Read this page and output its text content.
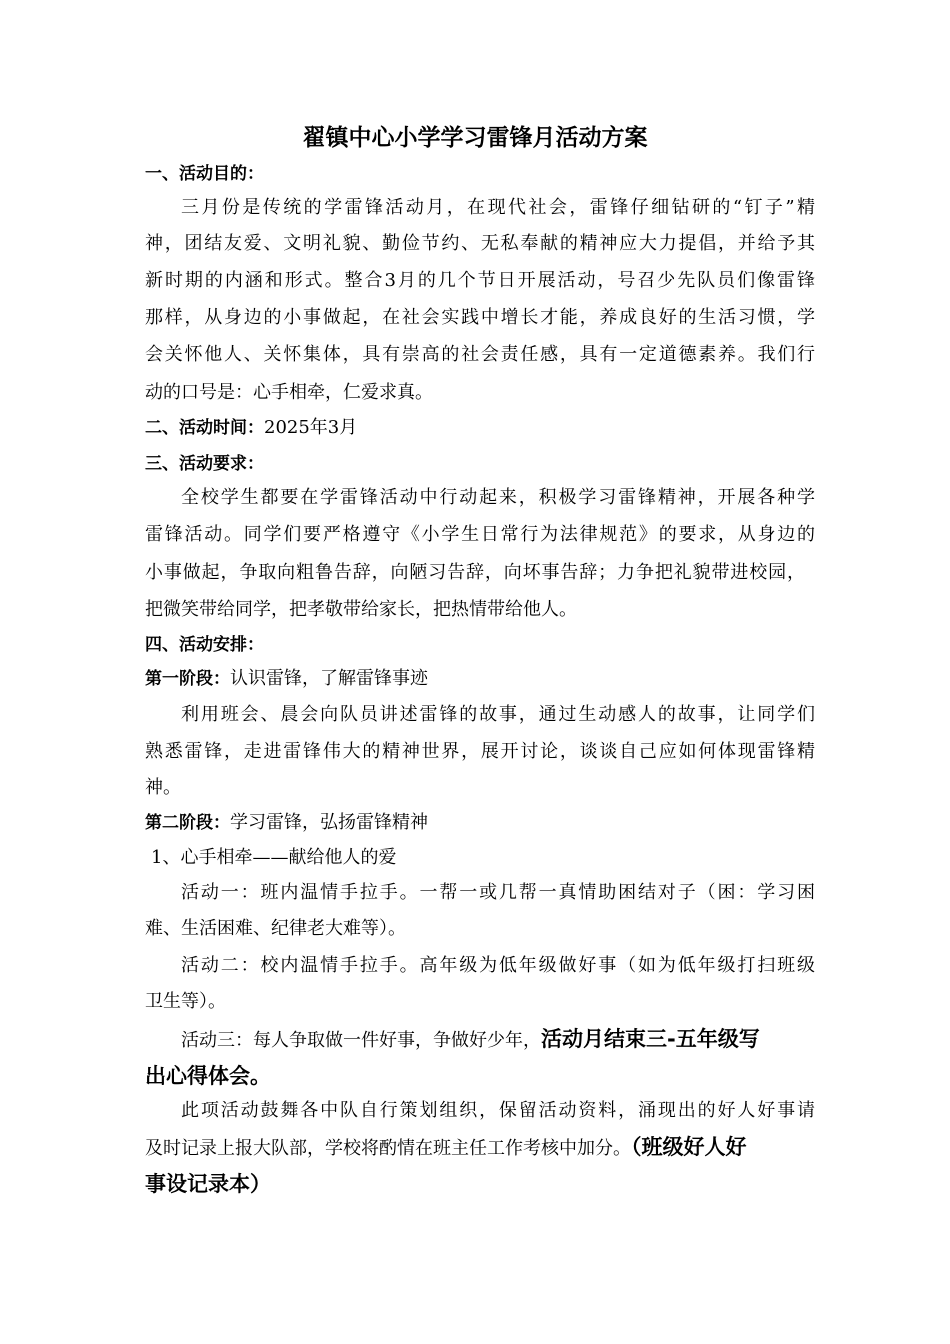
翟镇中心小学学习雷锋月活动方案
一、活动目的：
三月份是传统的学雷锋活动月，在现代社会，雷锋仔细钻研的“钉子”精
神，团结友爱、文明礼貌、勤俭节约、无私奉献的精神应大力提倡，并给予其
新时期的内涵和形式。整合3月的几个节日开展活动，号召少先队员们像雷锋
那样，从身边的小事做起，在社会实践中增长才能，养成良好的生活习惯，学
会关怀他人、关怀集体，具有崇高的社会责任感，具有一定道德素养。我们行
动的口号是：心手相牵，仁爱求真。
二、活动时间：2025年3月
三、活动要求：
全校学生都要在学雷锋活动中行动起来，积极学习雷锋精神，开展各种学
雷锋活动。同学们要严格遵守《小学生日常行为法律规范》的要求，从身边的
小事做起，争取向粗鲁告辞，向陋习告辞，向坏事告辞；力争把礼貌带进校园，
把微笑带给同学，把孝敬带给家长，把热情带给他人。
四、活动安排：
第一阶段：认识雷锋，了解雷锋事迹
利用班会、晨会向队员讲述雷锋的故事，通过生动感人的故事，让同学们
熟悉雷锋，走进雷锋伟大的精神世界，展开讨论，谈谈自己应如何体现雷锋精
神。
第二阶段：学习雷锋，弘扬雷锋精神
1、心手相牵——献给他人的爱
活动一：班内温情手拉手。一帮一或几帮一真情助困结对子（困：学习困
难、生活困难、纪律老大难等）。
活动二：校内温情手拉手。高年级为低年级做好事（如为低年级打扫班级
卫生等）。
活动三：每人争取做一件好事，争做好少年，活动月结束三-五年级写
出心得体会。
此项活动鼓舞各中队自行策划组织，保留活动资料，涌现出的好人好事请
及时记录上报大队部，学校将酌情在班主任工作考核中加分。（班级好人好
事设记录本）
